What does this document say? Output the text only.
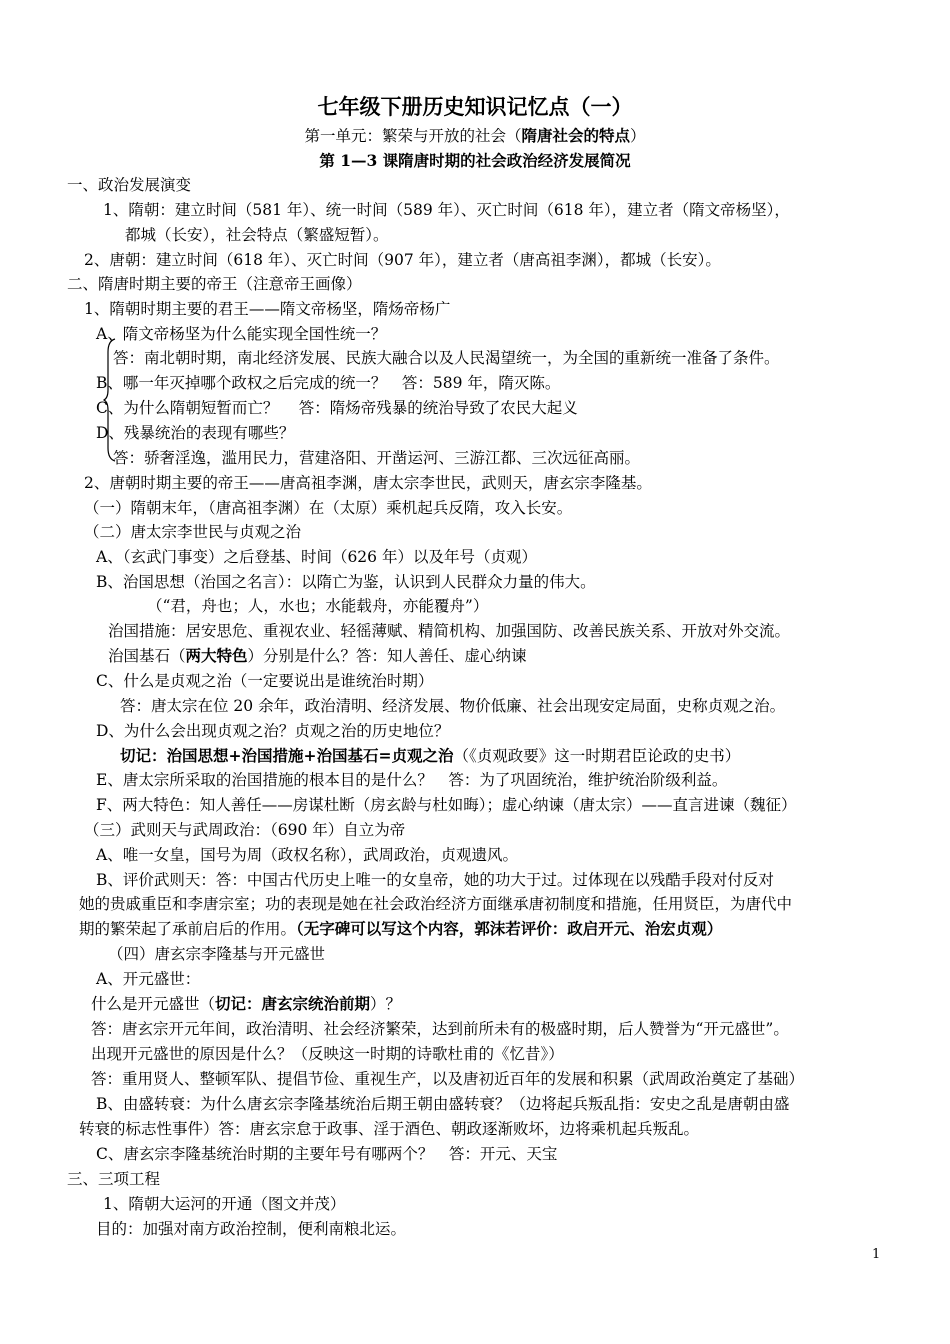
七年级下册历史知识记忆点（一）
第一单元：繁荣与开放的社会（隋唐社会的特点）
第 1—3 课隋唐时期的社会政治经济发展简况
一、政治发展演变
1、隋朝：建立时间（581 年）、统一时间（589 年）、灭亡时间（618 年），建立者（隋文帝杨坚），
都城（长安），社会特点（繁盛短暂）。
2、唐朝：建立时间（618 年）、灭亡时间（907 年），建立者（唐高祖李渊），都城（长安）。
二、隋唐时期主要的帝王（注意帝王画像）
1、隋朝时期主要的君王——隋文帝杨坚，隋炀帝杨广
A、隋文帝杨坚为什么能实现全国性统一？
答：南北朝时期，南北经济发展、民族大融合以及人民渴望统一，为全国的重新统一准备了条件。
B、哪一年灭掉哪个政权之后完成的统一？　答：589 年，隋灭陈。
C、为什么隋朝短暂而亡？　 答：隋炀帝残暴的统治导致了农民大起义
D、残暴统治的表现有哪些？
答：骄奢淫逸，滥用民力，营建洛阳、开凿运河、三游江都、三次远征高丽。
2、唐朝时期主要的帝王——唐高祖李渊，唐太宗李世民，武则天，唐玄宗李隆基。
（一）隋朝末年，（唐高祖李渊）在（太原）乘机起兵反隋，攻入长安。
（二）唐太宗李世民与贞观之治
A、（玄武门事变）之后登基、时间（626 年）以及年号（贞观）
B、治国思想（治国之名言）：以隋亡为鉴，认识到人民群众力量的伟大。
（“君，舟也；人，水也；水能载舟，亦能覆舟”）
治国措施：居安思危、重视农业、轻徭薄赋、精简机构、加强国防、改善民族关系、开放对外交流。
治国基石（两大特色）分别是什么？答：知人善任、虚心纳谏
C、什么是贞观之治（一定要说出是谁统治时期）
答：唐太宗在位 20 余年，政治清明、经济发展、物价低廉、社会出现安定局面，史称贞观之治。
D、为什么会出现贞观之治？贞观之治的历史地位？
切记：治国思想+治国措施+治国基石=贞观之治（《贞观政要》这一时期君臣论政的史书）
E、唐太宗所采取的治国措施的根本目的是什么？　答：为了巩固统治，维护统治阶级利益。
F、两大特色：知人善任——房谋杜断（房玄龄与杜如晦）；虚心纳谏（唐太宗）——直言进谏（魏征）
（三）武则天与武周政治：（690 年）自立为帝
A、唯一女皇，国号为周（政权名称），武周政治，贞观遗风。
B、评价武则天：答：中国古代历史上唯一的女皇帝，她的功大于过。过体现在以残酷手段对付反对
她的贵戚重臣和李唐宗室；功的表现是她在社会政治经济方面继承唐初制度和措施，任用贤臣，为唐代中
期的繁荣起了承前启后的作用。（无字碑可以写这个内容，郭沫若评价：政启开元、治宏贞观）
（四）唐玄宗李隆基与开元盛世
A、开元盛世：
什么是开元盛世（切记：唐玄宗统治前期）？
答：唐玄宗开元年间，政治清明、社会经济繁荣，达到前所未有的极盛时期，后人赞誉为“开元盛世”。
出现开元盛世的原因是什么？（反映这一时期的诗歌杜甫的《忆昔》）
答：重用贤人、整顿军队、提倡节俭、重视生产，以及唐初近百年的发展和积累（武周政治奠定了基础）
B、由盛转衰：为什么唐玄宗李隆基统治后期王朝由盛转衰？（边将起兵叛乱指：安史之乱是唐朝由盛
转衰的标志性事件）答：唐玄宗怠于政事、淫于酒色、朝政逐渐败坏，边将乘机起兵叛乱。
C、唐玄宗李隆基统治时期的主要年号有哪两个？　答：开元、天宝
三、三项工程
1、隋朝大运河的开通（图文并茂）
目的：加强对南方政治控制，便利南粮北运。
1
